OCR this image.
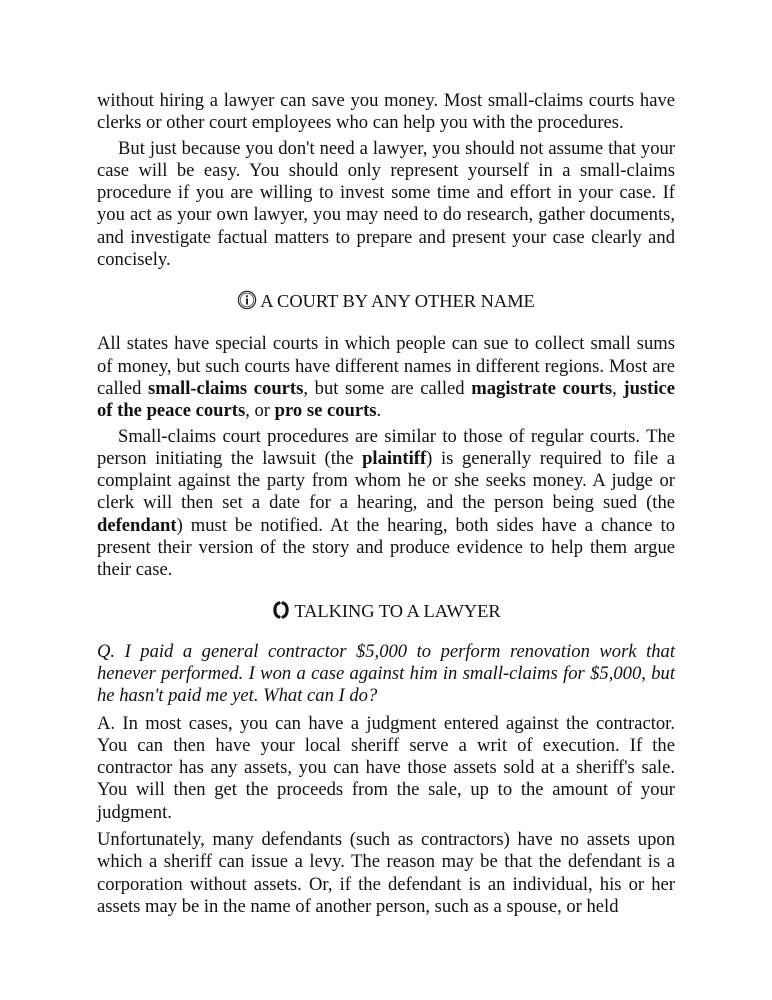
without hiring a lawyer can save you money. Most small-claims courts have clerks or other court employees who can help you with the procedures.

But just because you don't need a lawyer, you should not assume that your case will be easy. You should only represent yourself in a small-claims procedure if you are willing to invest some time and effort in your case. If you act as your own lawyer, you may need to do research, gather documents, and investigate factual matters to prepare and present your case clearly and concisely.

A COURT BY ANY OTHER NAME

All states have special courts in which people can sue to collect small sums of money, but such courts have different names in different regions. Most are called small-claims courts, but some are called magistrate courts, justice of the peace courts, or pro se courts.

Small-claims court procedures are similar to those of regular courts. The person initiating the lawsuit (the plaintiff) is generally required to file a complaint against the party from whom he or she seeks money. A judge or clerk will then set a date for a hearing, and the person being sued (the defendant) must be notified. At the hearing, both sides have a chance to present their version of the story and produce evidence to help them argue their case.

TALKING TO A LAWYER

Q. I paid a general contractor $5,000 to perform renovation work that henever performed. I won a case against him in small-claims for $5,000, but he hasn't paid me yet. What can I do?

A. In most cases, you can have a judgment entered against the contractor. You can then have your local sheriff serve a writ of execution. If the contractor has any assets, you can have those assets sold at a sheriff's sale. You will then get the proceeds from the sale, up to the amount of your judgment.

Unfortunately, many defendants (such as contractors) have no assets upon which a sheriff can issue a levy. The reason may be that the defendant is a corporation without assets. Or, if the defendant is an individual, his or her assets may be in the name of another person, such as a spouse, or held
